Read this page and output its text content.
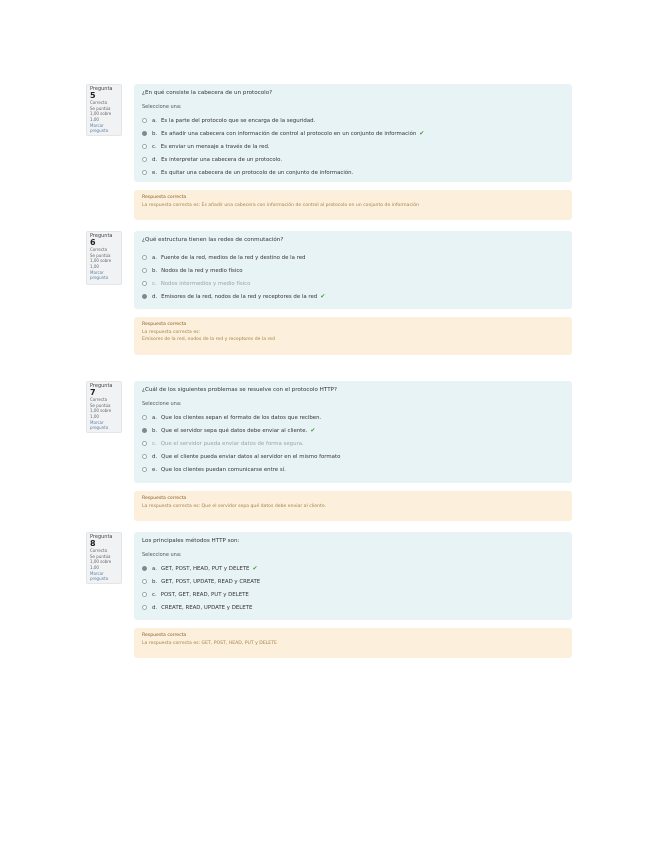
Pregunta 5
Correcta
Se puntúa 1,00 sobre 1,00
Marcar pregunta
¿En qué consiste la cabecera de un protocolo?
Seleccione una:
a. Es la parte del protocolo que se encarga de la seguridad.
b. Es añadir una cabecera con información de control al protocolo en un conjunto de información ✔
c. Es enviar un mensaje a través de la red.
d. Es interpretar una cabecera de un protocolo.
e. Es quitar una cabecera de un protocolo de un conjunto de información.
Respuesta correcta
La respuesta correcta es: Es añadir una cabecera con información de control al protocolo en un conjunto de información
Pregunta 6
Correcta
Se puntúa 1,00 sobre 1,00
Marcar pregunta
¿Qué estructura tienen las redes de conmutación?
a. Fuente de la red, medios de la red y destino de la red
b. Nodos de la red y medio físico
c. Nodos intermedios y medio físico
d. Emisores de la red, nodos de la red y receptores de la red ✔
Respuesta correcta
La respuesta correcta es:
Emisores de la red, nodos de la red y receptores de la red
Pregunta 7
Correcta
Se puntúa 1,00 sobre 1,00
Marcar pregunta
¿Cuál de los siguientes problemas se resuelve con el protocolo HTTP?
Seleccione una:
a. Que los clientes sepan el formato de los datos que reciben.
b. Que el servidor sepa qué datos debe enviar al cliente. ✔
c. Que el servidor pueda enviar datos de forma segura.
d. Que el cliente pueda enviar datos al servidor en el mismo formato
e. Que los clientes puedan comunicarse entre sí.
Respuesta correcta
La respuesta correcta es: Que el servidor sepa qué datos debe enviar al cliente.
Pregunta 8
Correcta
Se puntúa 1,00 sobre 1,00
Marcar pregunta
Los principales métodos HTTP son:
Seleccione una:
a. GET, POST, HEAD, PUT y DELETE ✔
b. GET, POST, UPDATE, READ y CREATE
c. POST, GET, READ, PUT y DELETE
d. CREATE, READ, UPDATE y DELETE
Respuesta correcta
La respuesta correcta es: GET, POST, HEAD, PUT y DELETE
